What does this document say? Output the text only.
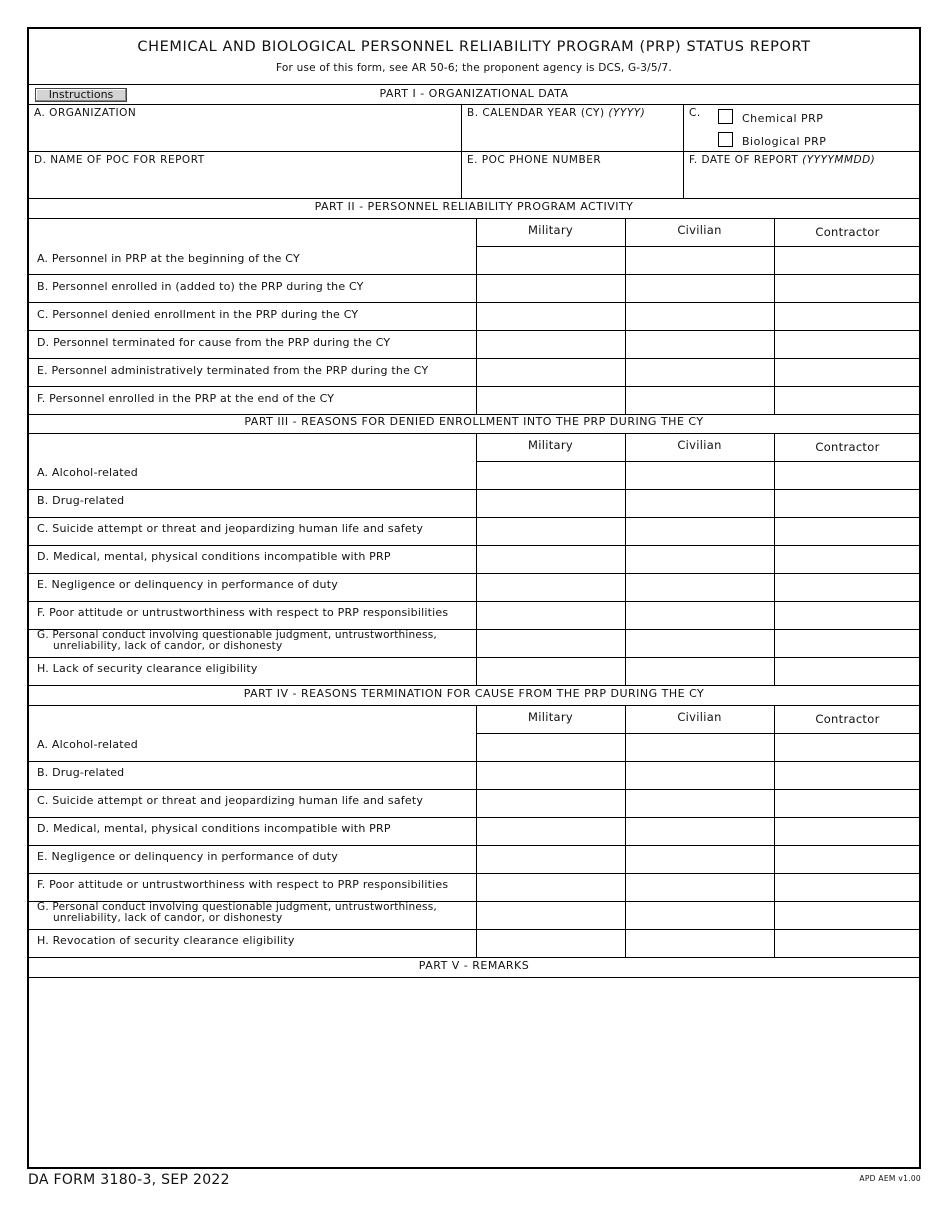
CHEMICAL AND BIOLOGICAL PERSONNEL RELIABILITY PROGRAM (PRP) STATUS REPORT
For use of this form, see AR 50-6; the proponent agency is DCS, G-3/5/7.
Instructions	PART I - ORGANIZATIONAL DATA
A. ORGANIZATION	B. CALENDAR YEAR (CY) (YYYY)	C.	Chemical PRP
Biological PRP
D. NAME OF POC FOR REPORT	E. POC PHONE NUMBER	F. DATE OF REPORT (YYYYMMDD)
PART II - PERSONNEL RELIABILITY PROGRAM ACTIVITY
Military	Civilian	Contractor
A. Personnel in PRP at the beginning of the CY
B. Personnel enrolled in (added to) the PRP during the CY
C. Personnel denied enrollment in the PRP during the CY
D. Personnel terminated for cause from the PRP during the CY
E. Personnel administratively terminated from the PRP during the CY
F. Personnel enrolled in the PRP at the end of the CY
PART III - REASONS FOR DENIED ENROLLMENT INTO THE PRP DURING THE CY
Military	Civilian	Contractor
A. Alcohol-related
B. Drug-related
C. Suicide attempt or threat and jeopardizing human life and safety
D. Medical, mental, physical conditions incompatible with PRP
E. Negligence or delinquency in performance of duty
F. Poor attitude or untrustworthiness with respect to PRP responsibilities
G. Personal conduct involving questionable judgment, untrustworthiness,
unreliability, lack of candor, or dishonesty
H. Lack of security clearance eligibility
PART IV - REASONS TERMINATION FOR CAUSE FROM THE PRP DURING THE CY
Military	Civilian	Contractor
A. Alcohol-related
B. Drug-related
C. Suicide attempt or threat and jeopardizing human life and safety
D. Medical, mental, physical conditions incompatible with PRP
E. Negligence or delinquency in performance of duty
F. Poor attitude or untrustworthiness with respect to PRP responsibilities
G. Personal conduct involving questionable judgment, untrustworthiness,
unreliability, lack of candor, or dishonesty
H. Revocation of security clearance eligibility
PART V - REMARKS
DA FORM 3180-3, SEP 2022	APD AEM v1.00
